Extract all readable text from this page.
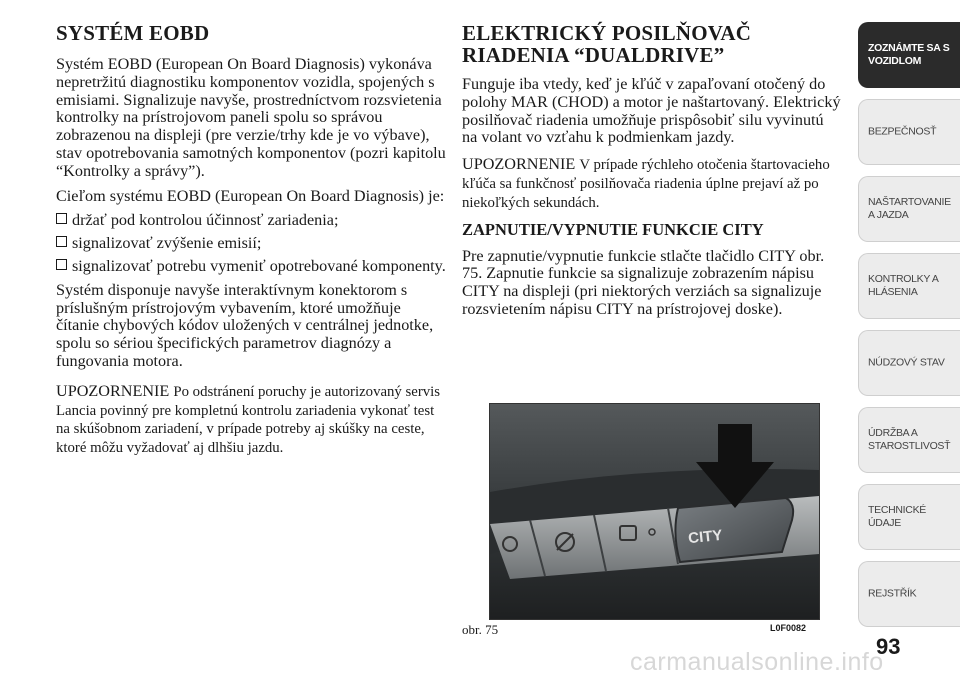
SYSTÉM EOBD

Systém EOBD (European On Board Diagnosis) vykonáva nepretržitú diagnostiku komponentov vozidla, spojených s emisiami. Signalizuje navyše, prostredníctvom rozsvietenia kontrolky na prístrojovom paneli spolu so správou zobrazenou na displeji (pre verzie/trhy kde je vo výbave), stav opotrebovania samotných komponentov (pozri kapitolu “Kontrolky a správy”).

Cieľom systému EOBD (European On Board Diagnosis) je:

držať pod kontrolou účinnosť zariadenia;
signalizovať zvýšenie emisií;
signalizovať potrebu vymeniť opotrebované komponenty.

Systém disponuje navyše interaktívnym konektorom s príslušným prístrojovým vybavením, ktoré umožňuje čítanie chybových kódov uložených v centrálnej jednotke, spolu so sériou špecifických parametrov diagnózy a fungovania motora.

UPOZORNENIE Po odstránení poruchy je autorizovaný servis Lancia povinný pre kompletnú kontrolu zariadenia vykonať test na skúšobnom zariadení, v prípade potreby aj skúšky na ceste, ktoré môžu vyžadovať aj dlhšiu jazdu.

ELEKTRICKÝ POSILŇOVAČ
RIADENIA “DUALDRIVE”

Funguje iba vtedy, keď je kľúč v zapaľovaní otočený do polohy MAR (CHOD) a motor je naštartovaný. Elektrický posilňovač riadenia umožňuje prispôsobiť silu vyvinutú na volant vo vzťahu k podmienkam jazdy.

UPOZORNENIE V prípade rýchleho otočenia štartovacieho kľúča sa funkčnosť posilňovača riadenia úplne prejaví až po niekoľkých sekundách.

ZAPNUTIE/VYPNUTIE FUNKCIE CITY

Pre zapnutie/vypnutie funkcie stlačte tlačidlo CITY obr. 75. Zapnutie funkcie sa signalizuje zobrazením nápisu CITY na displeji (pri niektorých verziách sa signalizuje rozsvietením nápisu CITY na prístrojovej doske).

CITY
obr. 75	L0F0082
ZOZNÁMTE SA S VOZIDLOM
BEZPEČNOSŤ
NAŠTARTOVANIE A JAZDA
KONTROLKY A HLÁSENIA
NÚDZOVÝ STAV
ÚDRŽBA A STAROSTLIVOSŤ
TECHNICKÉ ÚDAJE
REJSTŘÍK
93
carmanualsonline.info
